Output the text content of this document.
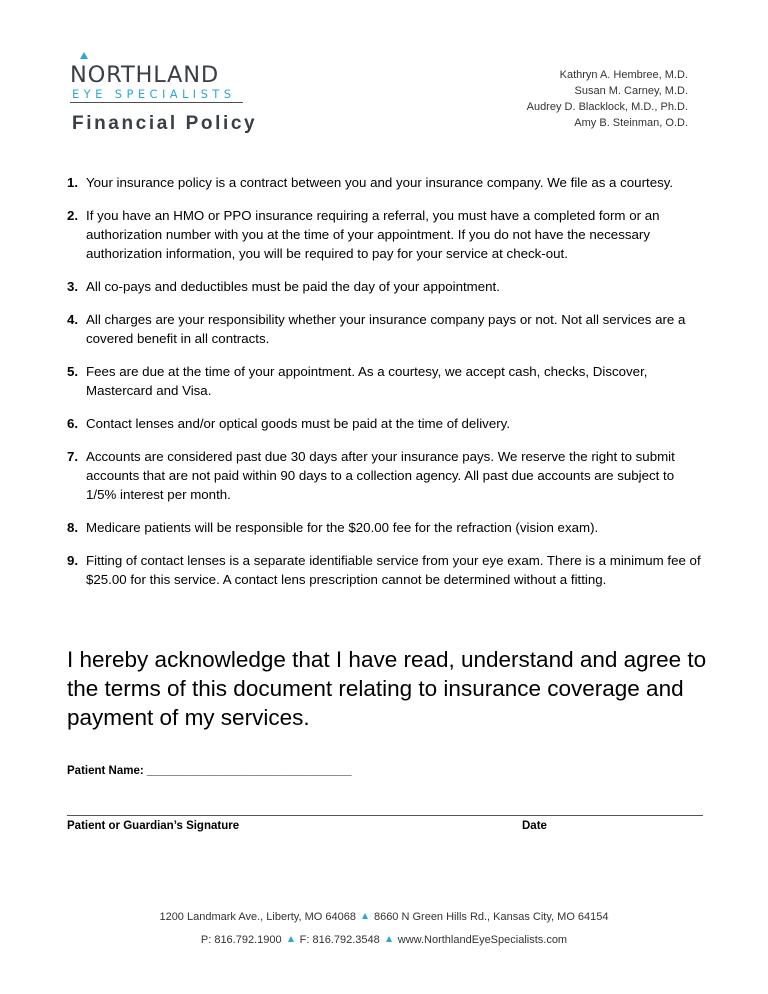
NORTHLAND
EYE SPECIALISTS
Financial Policy
Kathryn A. Hembree, M.D.
Susan M. Carney, M.D.
Audrey D. Blacklock, M.D., Ph.D.
Amy B. Steinman, O.D.
1. Your insurance policy is a contract between you and your insurance company. We file as a courtesy.
2. If you have an HMO or PPO insurance requiring a referral, you must have a completed form or an authorization number with you at the time of your appointment. If you do not have the necessary authorization information, you will be required to pay for your service at check-out.
3. All co-pays and deductibles must be paid the day of your appointment.
4. All charges are your responsibility whether your insurance company pays or not. Not all services are a covered benefit in all contracts.
5. Fees are due at the time of your appointment. As a courtesy, we accept cash, checks, Discover, Mastercard and Visa.
6. Contact lenses and/or optical goods must be paid at the time of delivery.
7. Accounts are considered past due 30 days after your insurance pays. We reserve the right to submit accounts that are not paid within 90 days to a collection agency. All past due accounts are subject to 1/5% interest per month.
8. Medicare patients will be responsible for the $20.00 fee for the refraction (vision exam).
9. Fitting of contact lenses is a separate identifiable service from your eye exam. There is a minimum fee of $25.00 for this service. A contact lens prescription cannot be determined without a fitting.
I hereby acknowledge that I have read, understand and agree to the terms of this document relating to insurance coverage and payment of my services.
Patient Name: ________________________________
Patient or Guardian’s Signature	Date
1200 Landmark Ave., Liberty, MO 64068 8660 N Green Hills Rd., Kansas City, MO 64154
P: 816.792.1900 F: 816.792.3548 www.NorthlandEyeSpecialists.com
